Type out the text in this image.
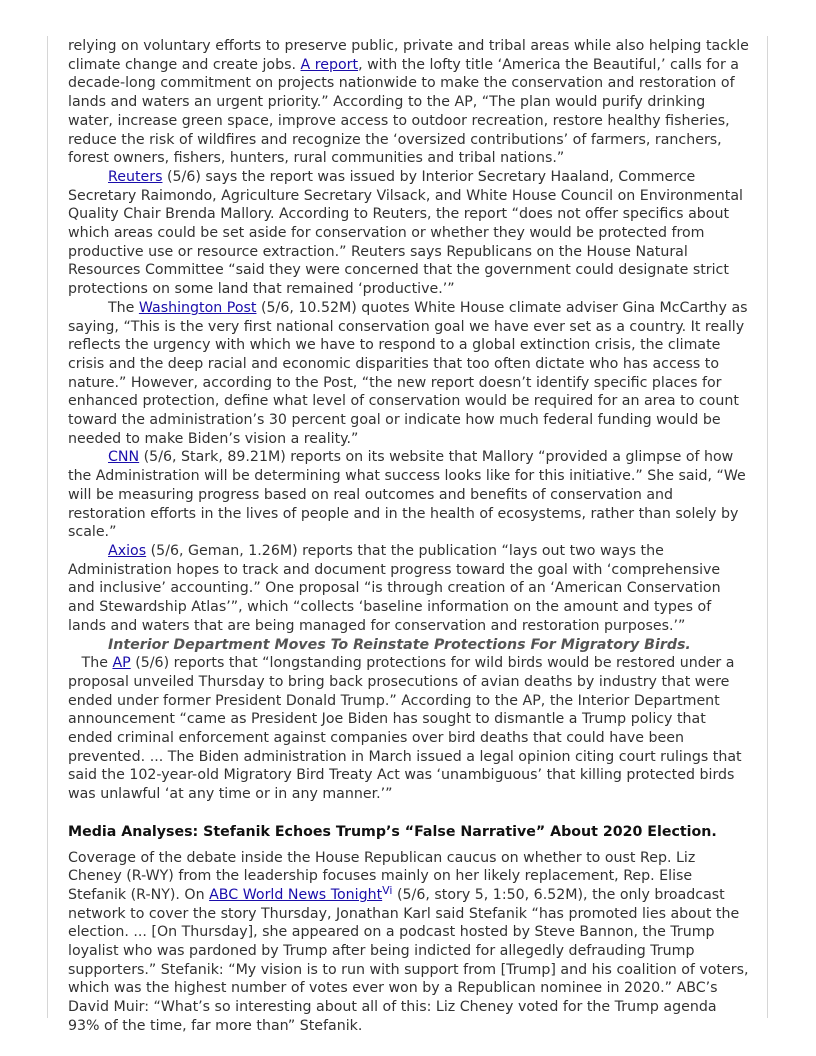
relying on voluntary efforts to preserve public, private and tribal areas while also helping tackle climate change and create jobs. A report, with the lofty title ‘America the Beautiful,’ calls for a decade-long commitment on projects nationwide to make the conservation and restoration of lands and waters an urgent priority.” According to the AP, “The plan would purify drinking water, increase green space, improve access to outdoor recreation, restore healthy fisheries, reduce the risk of wildfires and recognize the ‘oversized contributions’ of farmers, ranchers, forest owners, fishers, hunters, rural communities and tribal nations.”

Reuters (5/6) says the report was issued by Interior Secretary Haaland, Commerce Secretary Raimondo, Agriculture Secretary Vilsack, and White House Council on Environmental Quality Chair Brenda Mallory. According to Reuters, the report “does not offer specifics about which areas could be set aside for conservation or whether they would be protected from productive use or resource extraction.” Reuters says Republicans on the House Natural Resources Committee “said they were concerned that the government could designate strict protections on some land that remained ‘productive.’”

The Washington Post (5/6, 10.52M) quotes White House climate adviser Gina McCarthy as saying, “This is the very first national conservation goal we have ever set as a country. It really reflects the urgency with which we have to respond to a global extinction crisis, the climate crisis and the deep racial and economic disparities that too often dictate who has access to nature.” However, according to the Post, “the new report doesn’t identify specific places for enhanced protection, define what level of conservation would be required for an area to count toward the administration’s 30 percent goal or indicate how much federal funding would be needed to make Biden’s vision a reality.”

CNN (5/6, Stark, 89.21M) reports on its website that Mallory “provided a glimpse of how the Administration will be determining what success looks like for this initiative.” She said, “We will be measuring progress based on real outcomes and benefits of conservation and restoration efforts in the lives of people and in the health of ecosystems, rather than solely by scale.”

Axios (5/6, Geman, 1.26M) reports that the publication “lays out two ways the Administration hopes to track and document progress toward the goal with ‘comprehensive and inclusive’ accounting.” One proposal “is through creation of an ‘American Conservation and Stewardship Atlas’”, which “collects ‘baseline information on the amount and types of lands and waters that are being managed for conservation and restoration purposes.’”

Interior Department Moves To Reinstate Protections For Migratory Birds.   The AP (5/6) reports that “longstanding protections for wild birds would be restored under a proposal unveiled Thursday to bring back prosecutions of avian deaths by industry that were ended under former President Donald Trump.” According to the AP, the Interior Department announcement “came as President Joe Biden has sought to dismantle a Trump policy that ended criminal enforcement against companies over bird deaths that could have been prevented. ... The Biden administration in March issued a legal opinion citing court rulings that said the 102-year-old Migratory Bird Treaty Act was ‘unambiguous’ that killing protected birds was unlawful ‘at any time or in any manner.’”

Media Analyses: Stefanik Echoes Trump’s “False Narrative” About 2020 Election.

Coverage of the debate inside the House Republican caucus on whether to oust Rep. Liz Cheney (R-WY) from the leadership focuses mainly on her likely replacement, Rep. Elise Stefanik (R-NY). On ABC World News Tonight$^{Vi}$ (5/6, story 5, 1:50, 6.52M), the only broadcast network to cover the story Thursday, Jonathan Karl said Stefanik “has promoted lies about the election. ... [On Thursday], she appeared on a podcast hosted by Steve Bannon, the Trump loyalist who was pardoned by Trump after being indicted for allegedly defrauding Trump supporters.” Stefanik: “My vision is to run with support from [Trump] and his coalition of voters, which was the highest number of votes ever won by a Republican nominee in 2020.” ABC’s David Muir: “What’s so interesting about all of this: Liz Cheney voted for the Trump agenda 93% of the time, far more than” Stefanik.
